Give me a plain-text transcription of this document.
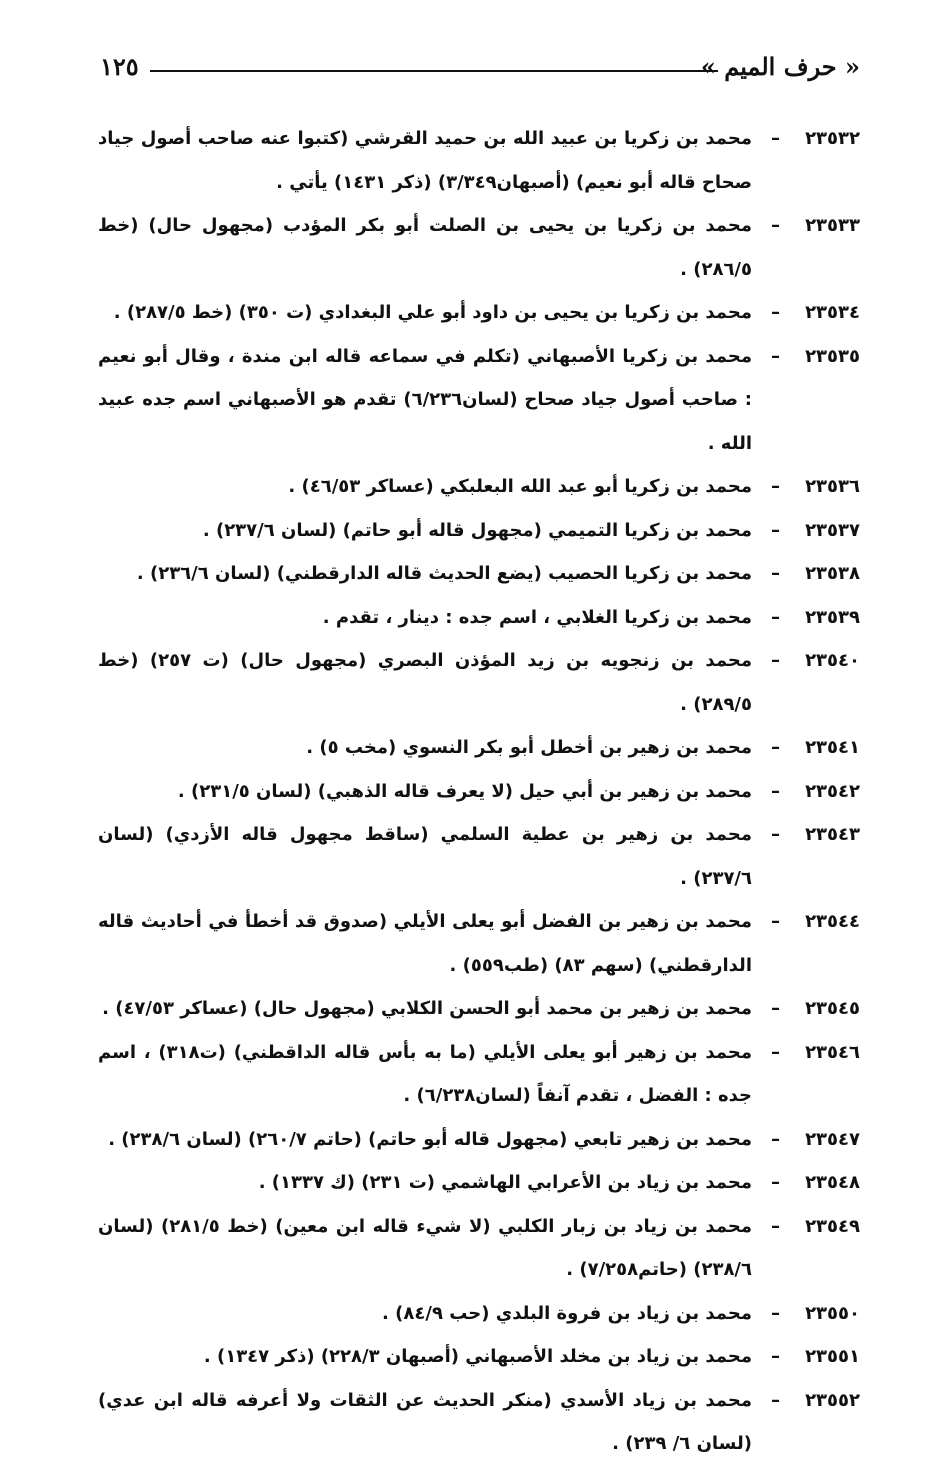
« حرف الميم »
١٢٥
٢٣٥٣٢
–
محمد بن زكريا بن عبيد الله بن حميد القرشي (كتبوا عنه صاحب أصول جياد صحاح قاله أبو نعيم) (أصبهان٣/٣٤٩) (ذكر ١٤٣١) يأتي .
٢٣٥٣٣
–
محمد بن زكريا بن يحيى بن الصلت أبو بكر المؤدب (مجهول حال) (خط ٢٨٦/٥) .
٢٣٥٣٤
–
محمد بن زكريا بن يحيى بن داود أبو علي البغدادي (ت ٣٥٠) (خط ٢٨٧/٥) .
٢٣٥٣٥
–
محمد بن زكريا الأصبهاني (تكلم في سماعه قاله ابن مندة ، وقال أبو نعيم : صاحب أصول جياد صحاح (لسان٦/٢٣٦) تقدم هو الأصبهاني اسم جده عبيد الله .
٢٣٥٣٦
–
محمد بن زكريا أبو عبد الله البعلبكي (عساكر ٤٦/٥٣) .
٢٣٥٣٧
–
محمد بن زكريا التميمي (مجهول قاله أبو حاتم) (لسان ٢٣٧/٦) .
٢٣٥٣٨
–
محمد بن زكريا الحصيب (يضع الحديث قاله الدارقطني) (لسان ٢٣٦/٦) .
٢٣٥٣٩
–
محمد بن زكريا الغلابي ، اسم جده : دينار ، تقدم .
٢٣٥٤٠
–
محمد بن زنجويه بن زيد المؤذن البصري (مجهول حال) (ت ٢٥٧) (خط ٢٨٩/٥) .
٢٣٥٤١
–
محمد بن زهير بن أخطل أبو بكر النسوي (مخب ٥) .
٢٣٥٤٢
–
محمد بن زهير بن أبي حيل (لا يعرف قاله الذهبي) (لسان ٢٣١/٥) .
٢٣٥٤٣
–
محمد بن زهير بن عطية السلمي (ساقط مجهول قاله الأزدي) (لسان ٢٣٧/٦) .
٢٣٥٤٤
–
محمد بن زهير بن الفضل أبو يعلى الأيلي (صدوق قد أخطأ في أحاديث قاله الدارقطني) (سهم ٨٣) (طب٥٥٩) .
٢٣٥٤٥
–
محمد بن زهير بن محمد أبو الحسن الكلابي (مجهول حال) (عساكر ٤٧/٥٣) .
٢٣٥٤٦
–
محمد بن زهير أبو يعلى الأيلي (ما به بأس قاله الداقطني) (ت٣١٨) ، اسم جده : الفضل ، تقدم آنفاً (لسان٦/٢٣٨) .
٢٣٥٤٧
–
محمد بن زهير تابعي (مجهول قاله أبو حاتم) (حاتم ٢٦٠/٧) (لسان ٢٣٨/٦) .
٢٣٥٤٨
–
محمد بن زياد بن الأعرابي الهاشمي (ت ٢٣١) (ك ١٣٣٧) .
٢٣٥٤٩
–
محمد بن زياد بن زبار الكلبي (لا شيء قاله ابن معين) (خط ٢٨١/٥) (لسان ٢٣٨/٦) (حاتم٧/٢٥٨) .
٢٣٥٥٠
–
محمد بن زياد بن فروة البلدي (حب ٨٤/٩) .
٢٣٥٥١
–
محمد بن زياد بن مخلد الأصبهاني (أصبهان ٢٢٨/٣) (ذكر ١٣٤٧) .
٢٣٥٥٢
–
محمد بن زياد الأسدي (منكر الحديث عن الثقات ولا أعرفه قاله ابن عدي) (لسان ٦/ ٢٣٩) .
